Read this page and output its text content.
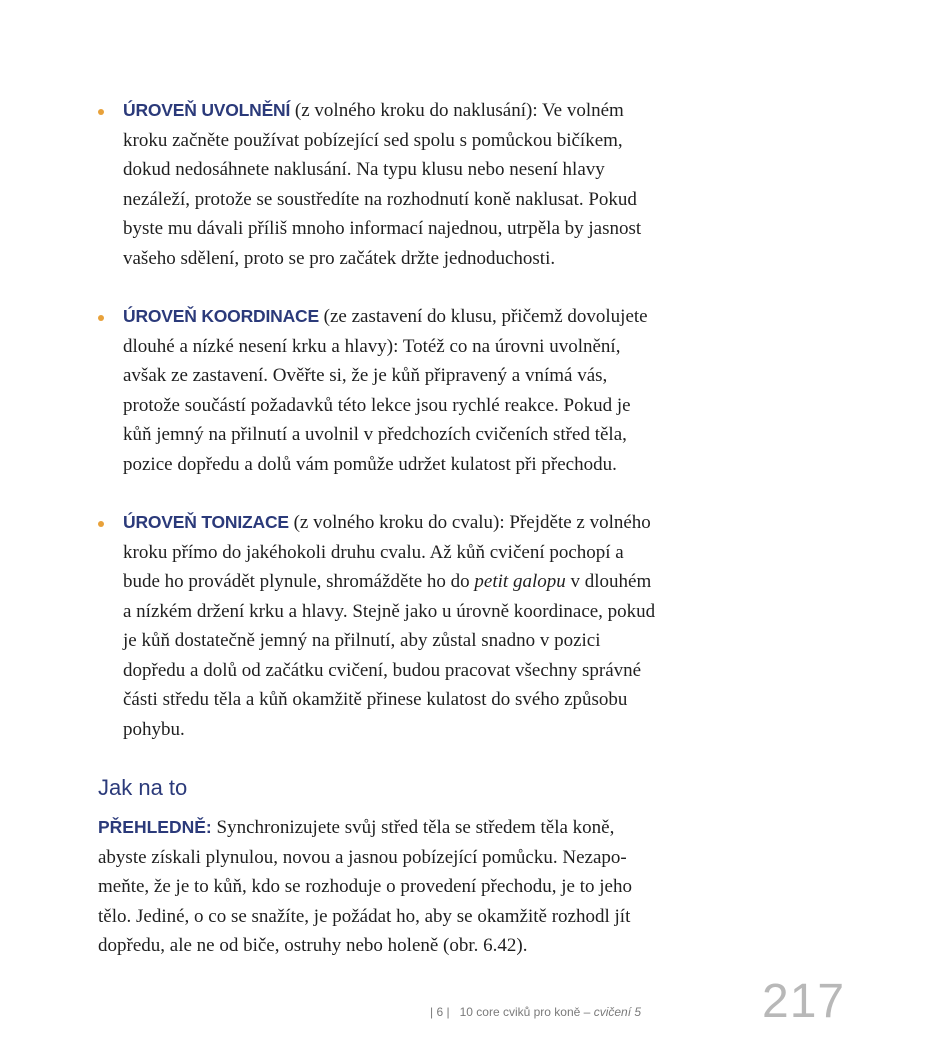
ÚROVEŇ UVOLNĚNÍ (z volného kroku do naklusání): Ve volném kroku začněte používat pobízející sed spolu s pomůckou bičíkem, dokud nedosáhnete naklusání. Na typu klusu nebo nesení hlavy nezáleží, protože se soustředíte na rozhodnutí koně naklusat. Pokud byste mu dávali příliš mnoho informací najednou, utrpěla by jasnost vašeho sdělení, proto se pro začátek držte jednoduchosti.
ÚROVEŇ KOORDINACE (ze zastavení do klusu, přičemž dovolujete dlouhé a nízké nesení krku a hlavy): Totéž co na úrovni uvolnění, avšak ze zastavení. Ověřte si, že je kůň připravený a vnímá vás, protože součástí požadavků této lekce jsou rychlé reakce. Pokud je kůň jemný na přilnutí a uvolnil v předchozích cvičeních střed těla, pozice dopředu a dolů vám pomůže udržet kulatost při přechodu.
ÚROVEŇ TONIZACE (z volného kroku do cvalu): Přejděte z volného kroku přímo do jakéhokoli druhu cvalu. Až kůň cvičení pochopí a bude ho provádět plynule, shromážděte ho do petit galopu v dlouhém a nízkém držení krku a hlavy. Stejně jako u úrovně koordinace, pokud je kůň dostatečně jemný na přilnutí, aby zůstal snadno v pozici dopředu a dolů od začátku cvičení, budou pracovat všechny správné části středu těla a kůň okamžitě přinese kulatost do svého způsobu pohybu.
Jak na to

PŘEHLEDNĚ: Synchronizujete svůj střed těla se středem těla koně, abyste získali plynulou, novou a jasnou pobízející pomůcku. Nezapomeňte, že je to kůň, kdo se rozhoduje o provedení přechodu, je to jeho tělo. Jediné, o co se snažíte, je požádat ho, aby se okamžitě rozhodl jít dopředu, ale ne od biče, ostruhy nebo holeně (obr. 6.42).

| 6 | 10 core cviků pro koně – cvičení 5	217
